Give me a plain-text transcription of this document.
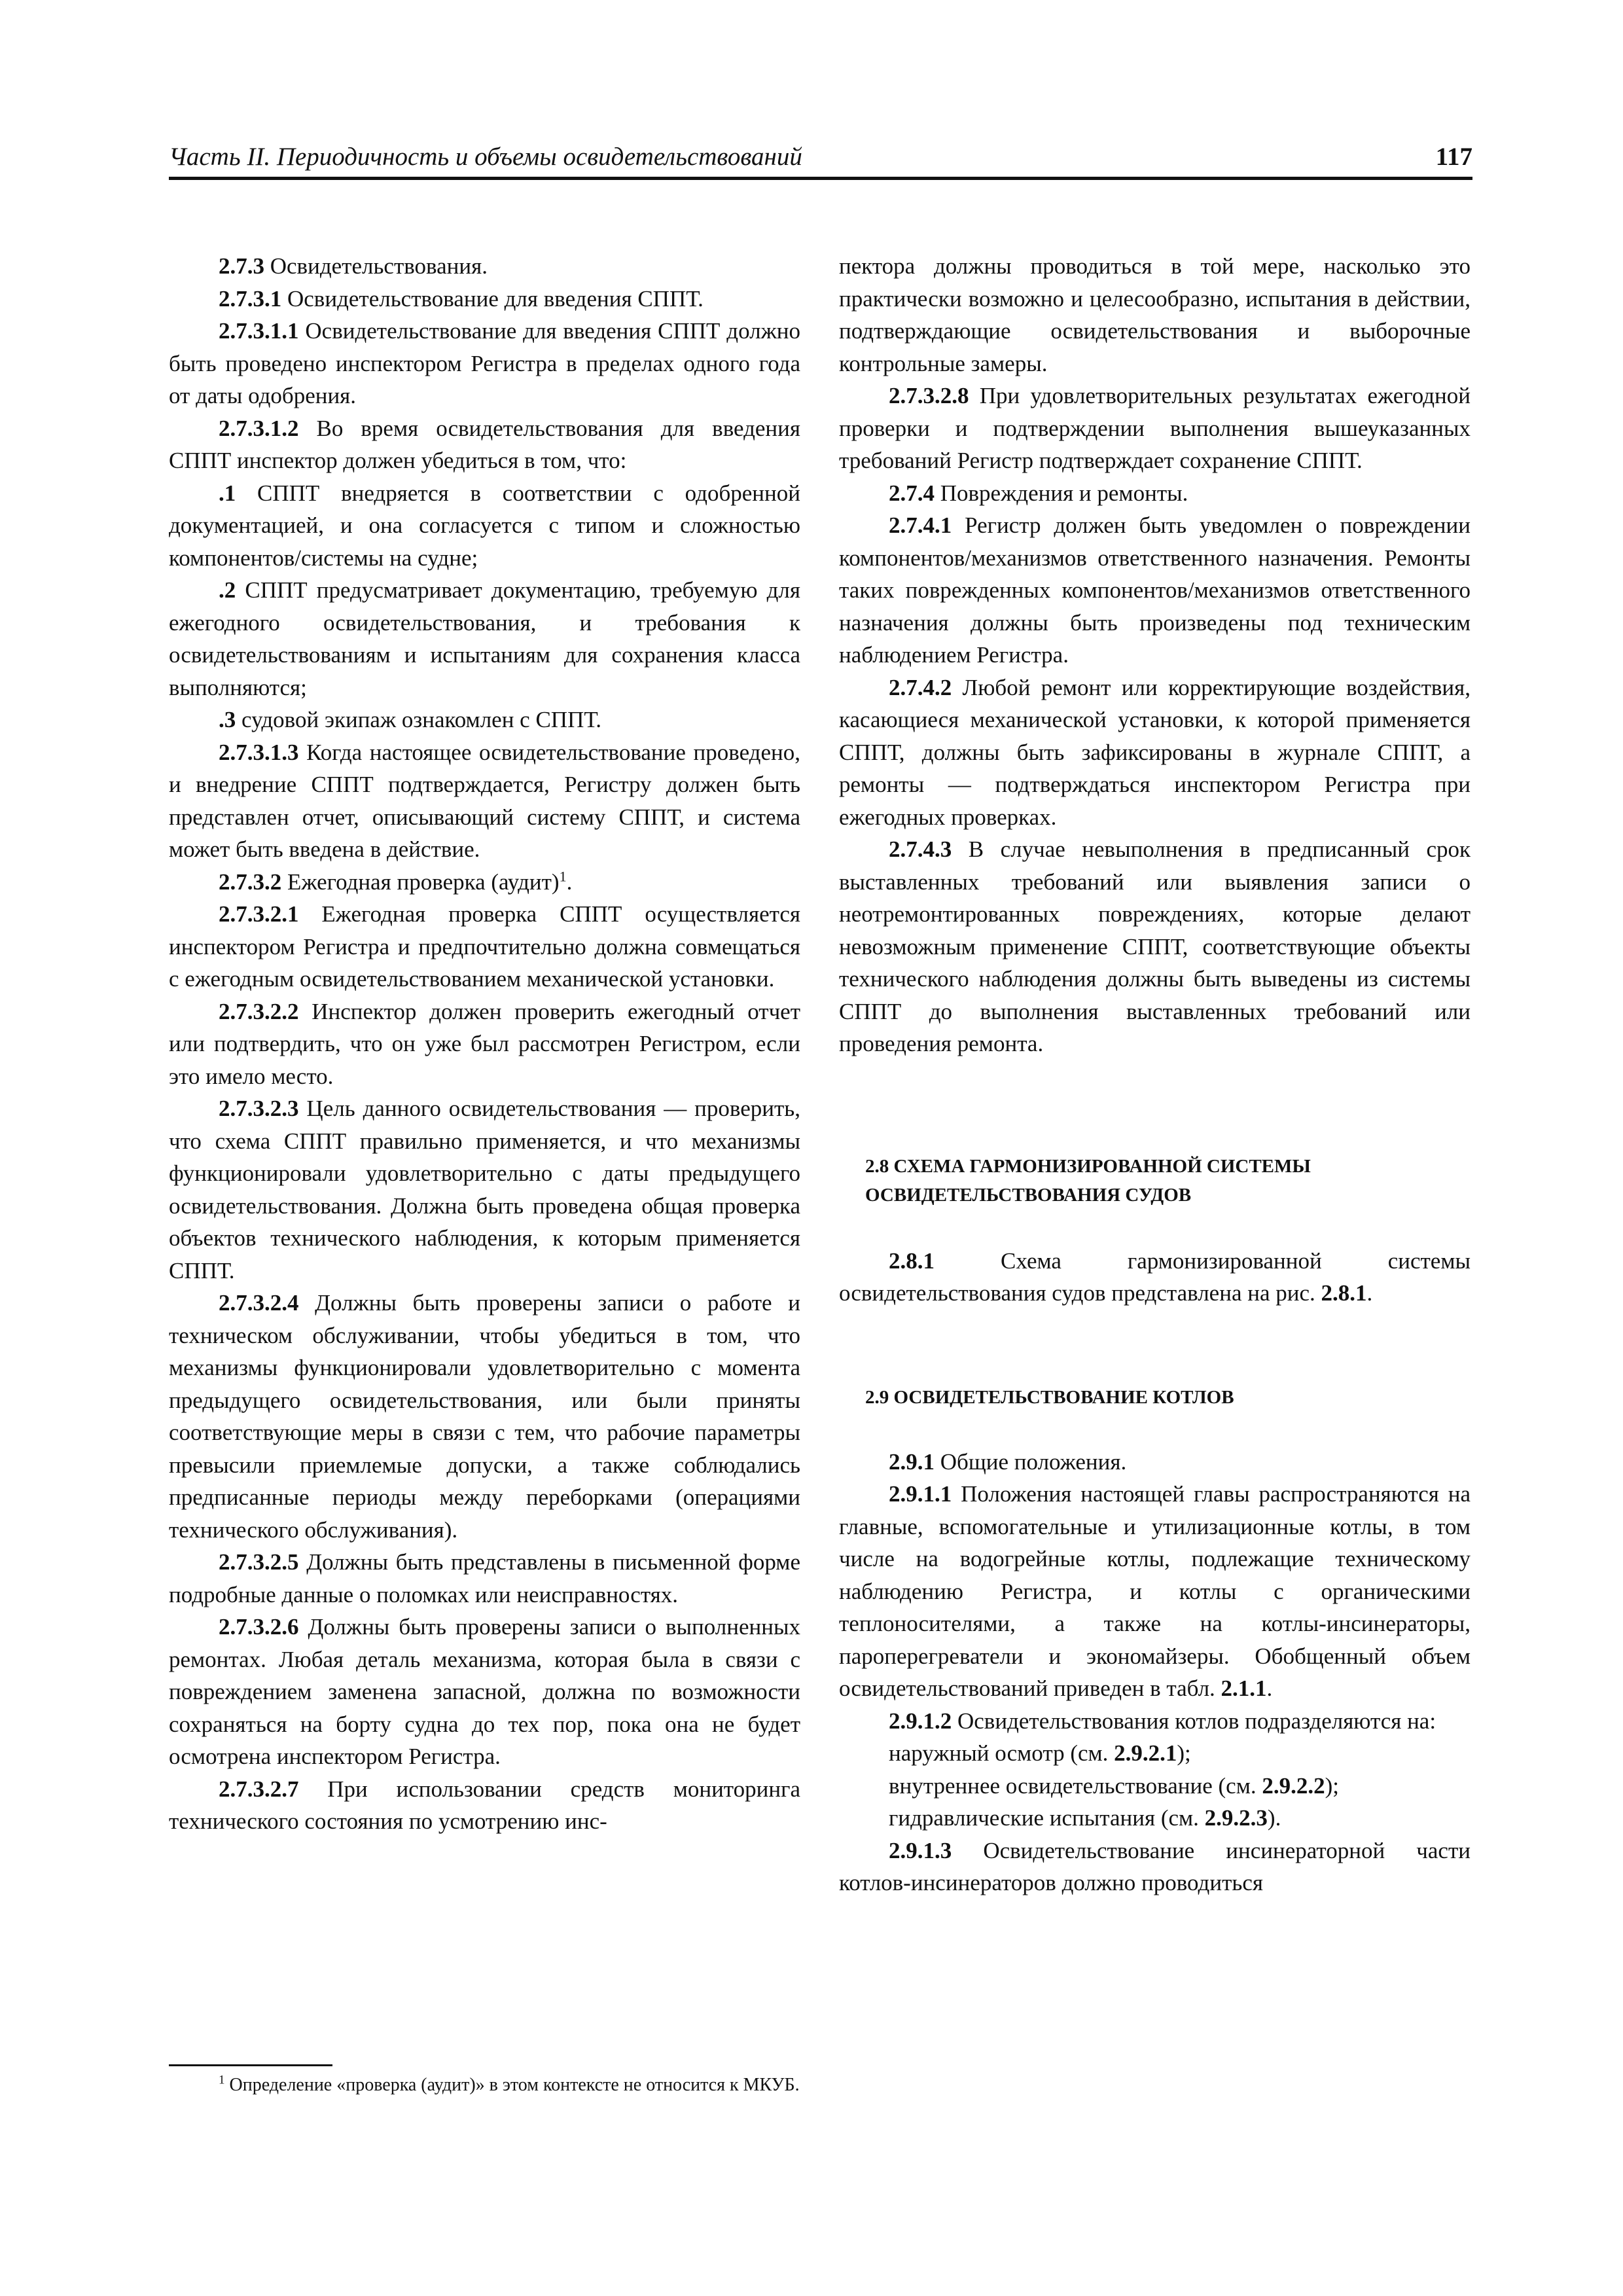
Часть II. Периодичность и объемы освидетельствований	117

2.7.3 Освидетельствования.

2.7.3.1 Освидетельствование для введения СППТ.

2.7.3.1.1 Освидетельствование для введения СППТ должно быть проведено инспектором Регистра в пределах одного года от даты одобрения.

2.7.3.1.2 Во время освидетельствования для введения СППТ инспектор должен убедиться в том, что:

.1 СППТ внедряется в соответствии с одобренной документацией, и она согласуется с типом и сложностью компонентов/системы на судне;

.2 СППТ предусматривает документацию, требуемую для ежегодного освидетельствования, и требования к освидетельствованиям и испытаниям для сохранения класса выполняются;

.3 судовой экипаж ознакомлен с СППТ.

2.7.3.1.3 Когда настоящее освидетельствование проведено, и внедрение СППТ подтверждается, Регистру должен быть представлен отчет, описывающий систему СППТ, и система может быть введена в действие.

2.7.3.2 Ежегодная проверка (аудит)$^1$.

2.7.3.2.1 Ежегодная проверка СППТ осуществляется инспектором Регистра и предпочтительно должна совмещаться с ежегодным освидетельствованием механической установки.

2.7.3.2.2 Инспектор должен проверить ежегодный отчет или подтвердить, что он уже был рассмотрен Регистром, если это имело место.

2.7.3.2.3 Цель данного освидетельствования — проверить, что схема СППТ правильно применяется, и что механизмы функционировали удовлетворительно с даты предыдущего освидетельствования. Должна быть проведена общая проверка объектов технического наблюдения, к которым применяется СППТ.

2.7.3.2.4 Должны быть проверены записи о работе и техническом обслуживании, чтобы убедиться в том, что механизмы функционировали удовлетворительно с момента предыдущего освидетельствования, или были приняты соответствующие меры в связи с тем, что рабочие параметры превысили приемлемые допуски, а также соблюдались предписанные периоды между переборками (операциями технического обслуживания).

2.7.3.2.5 Должны быть представлены в письменной форме подробные данные о поломках или неисправностях.

2.7.3.2.6 Должны быть проверены записи о выполненных ремонтах. Любая деталь механизма, которая была в связи с повреждением заменена запасной, должна по возможности сохраняться на борту судна до тех пор, пока она не будет осмотрена инспектором Регистра.

2.7.3.2.7 При использовании средств мониторинга технического состояния по усмотрению инс-

пектора должны проводиться в той мере, насколько это практически возможно и целесообразно, испытания в действии, подтверждающие освидетельствования и выборочные контрольные замеры.

2.7.3.2.8 При удовлетворительных результатах ежегодной проверки и подтверждении выполнения вышеуказанных требований Регистр подтверждает сохранение СППТ.

2.7.4 Повреждения и ремонты.

2.7.4.1 Регистр должен быть уведомлен о повреждении компонентов/механизмов ответственного назначения. Ремонты таких поврежденных компонентов/механизмов ответственного назначения должны быть произведены под техническим наблюдением Регистра.

2.7.4.2 Любой ремонт или корректирующие воздействия, касающиеся механической установки, к которой применяется СППТ, должны быть зафиксированы в журнале СППТ, а ремонты — подтверждаться инспектором Регистра при ежегодных проверках.

2.7.4.3 В случае невыполнения в предписанный срок выставленных требований или выявления записи о неотремонтированных повреждениях, которые делают невозможным применение СППТ, соответствующие объекты технического наблюдения должны быть выведены из системы СППТ до выполнения выставленных требований или проведения ремонта.

2.8 СХЕМА ГАРМОНИЗИРОВАННОЙ СИСТЕМЫ
ОСВИДЕТЕЛЬСТВОВАНИЯ СУДОВ

2.8.1 Схема гармонизированной системы освидетельствования судов представлена на рис. 2.8.1.

2.9 ОСВИДЕТЕЛЬСТВОВАНИЕ КОТЛОВ

2.9.1 Общие положения.

2.9.1.1 Положения настоящей главы распространяются на главные, вспомогательные и утилизационные котлы, в том числе на водогрейные котлы, подлежащие техническому наблюдению Регистра, и котлы с органическими теплоносителями, а также на котлы-инсинераторы, пароперегреватели и экономайзеры. Обобщенный объем освидетельствований приведен в табл. 2.1.1.

2.9.1.2 Освидетельствования котлов подразделяются на:

наружный осмотр (см. 2.9.2.1);

внутреннее освидетельствование (см. 2.9.2.2);

гидравлические испытания (см. 2.9.2.3).

2.9.1.3 Освидетельствование инсинераторной части котлов-инсинераторов должно проводиться

$^1$ Определение «проверка (аудит)» в этом контексте не относится к МКУБ.
